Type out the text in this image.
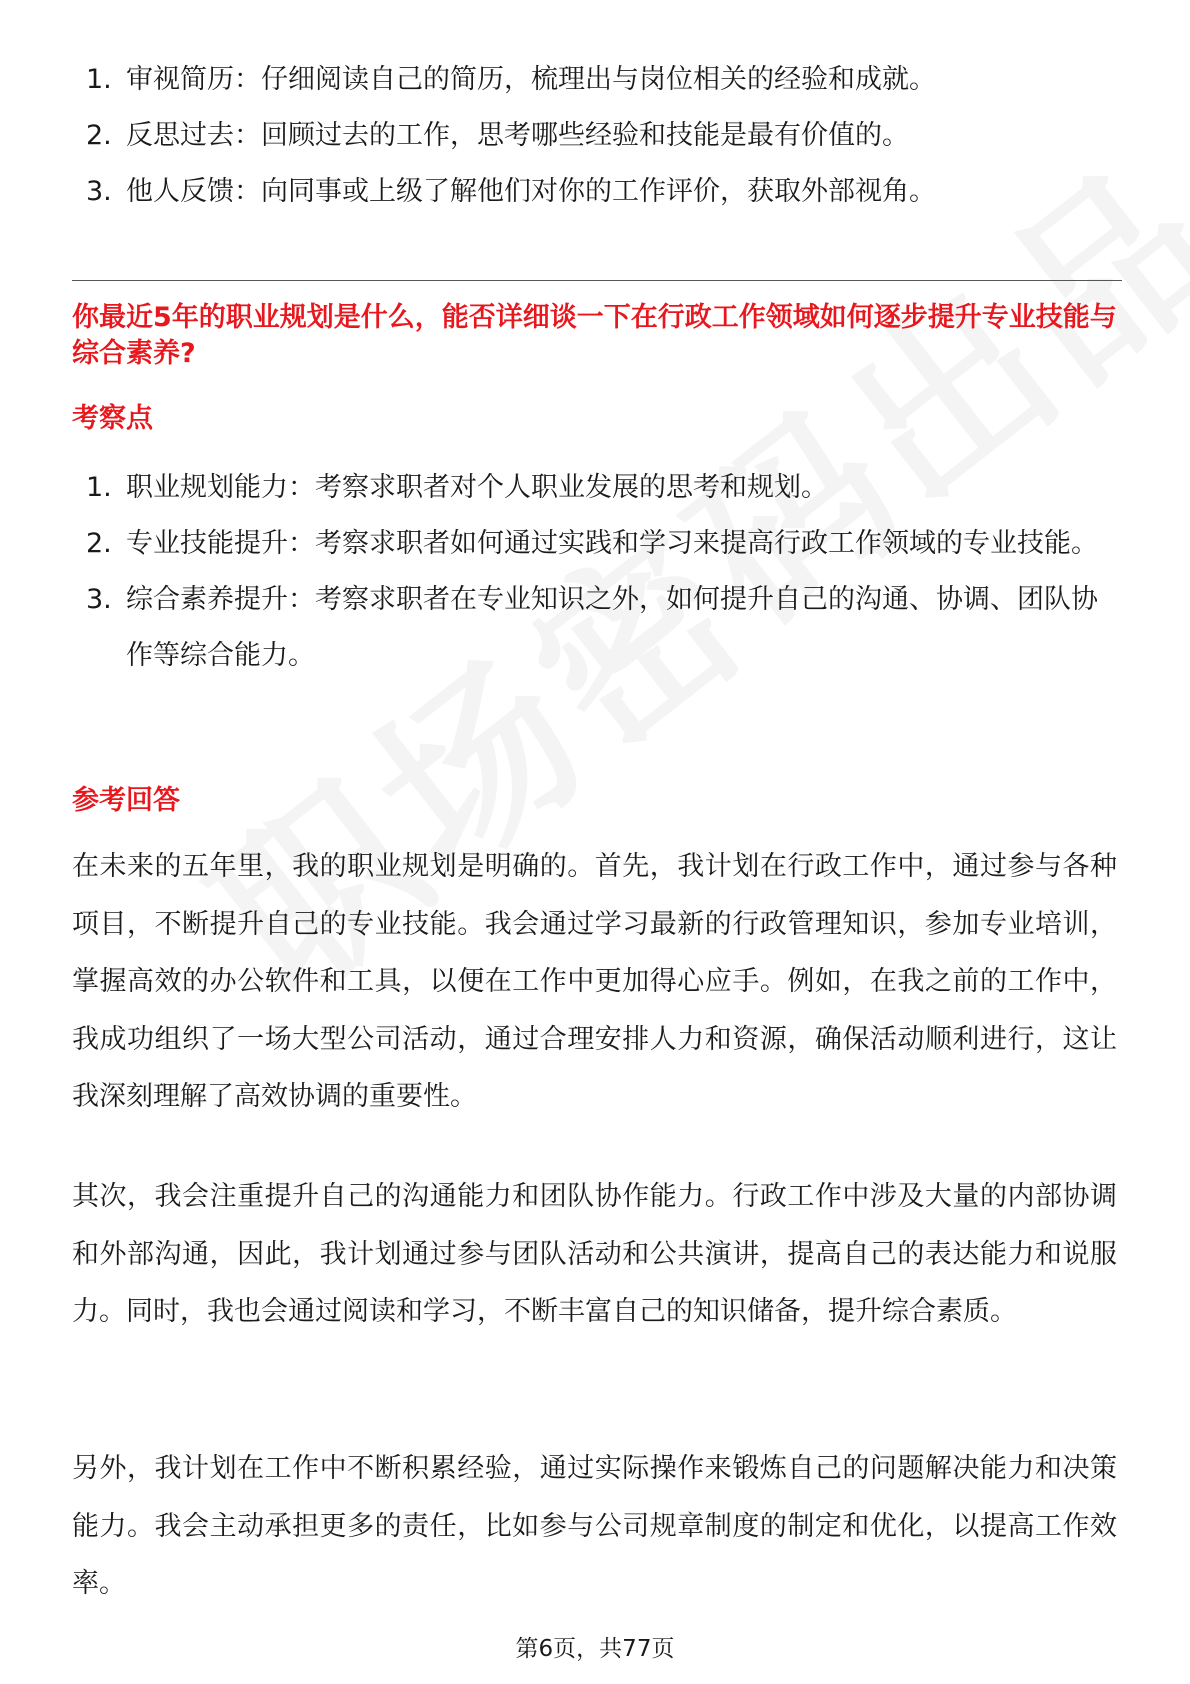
1. 审视简历：仔细阅读自己的简历，梳理出与岗位相关的经验和成就。
2. 反思过去：回顾过去的工作，思考哪些经验和技能是最有价值的。
3. 他人反馈：向同事或上级了解他们对你的工作评价，获取外部视角。
你最近5年的职业规划是什么，能否详细谈一下在行政工作领域如何逐步提升专业技能与综合素养?
考察点
1. 职业规划能力：考察求职者对个人职业发展的思考和规划。
2. 专业技能提升：考察求职者如何通过实践和学习来提高行政工作领域的专业技能。
3. 综合素养提升：考察求职者在专业知识之外，如何提升自己的沟通、协调、团队协作等综合能力。
参考回答

在未来的五年里，我的职业规划是明确的。首先，我计划在行政工作中，通过参与各种项目，不断提升自己的专业技能。我会通过学习最新的行政管理知识，参加专业培训，掌握高效的办公软件和工具，以便在工作中更加得心应手。例如，在我之前的工作中，我成功组织了一场大型公司活动，通过合理安排人力和资源，确保活动顺利进行，这让我深刻理解了高效协调的重要性。

其次，我会注重提升自己的沟通能力和团队协作能力。行政工作中涉及大量的内部协调和外部沟通，因此，我计划通过参与团队活动和公共演讲，提高自己的表达能力和说服力。同时，我也会通过阅读和学习，不断丰富自己的知识储备，提升综合素质。

另外，我计划在工作中不断积累经验，通过实际操作来锻炼自己的问题解决能力和决策能力。我会主动承担更多的责任，比如参与公司规章制度的制定和优化，以提高工作效率。

第6页，共77页
